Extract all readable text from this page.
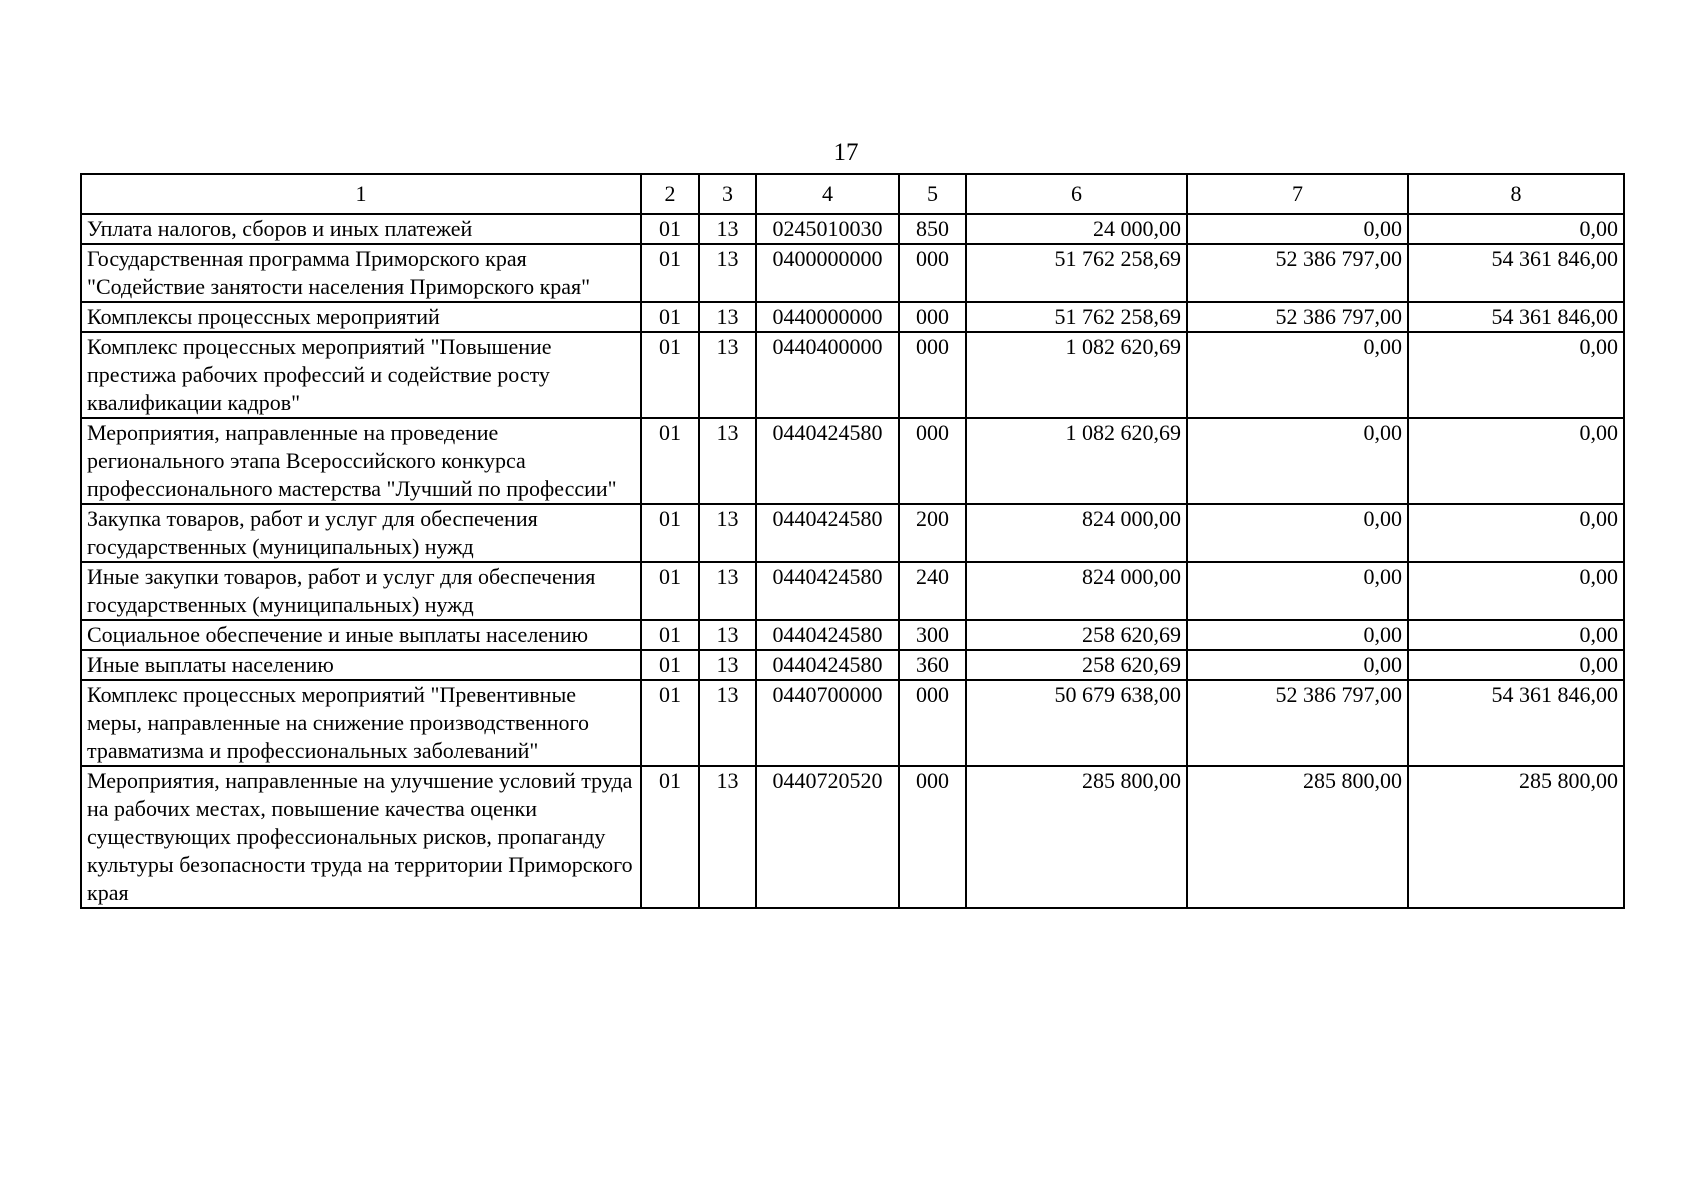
17
1	2	3	4	5	6	7	8
Уплата налогов, сборов и иных платежей	01	13	0245010030	850	24 000,00	0,00	0,00
Государственная программа Приморского края "Содействие занятости населения Приморского края"	01	13	0400000000	000	51 762 258,69	52 386 797,00	54 361 846,00
Комплексы процессных мероприятий	01	13	0440000000	000	51 762 258,69	52 386 797,00	54 361 846,00
Комплекс процессных мероприятий "Повышение престижа рабочих профессий и содействие росту квалификации кадров"	01	13	0440400000	000	1 082 620,69	0,00	0,00
Мероприятия, направленные на проведение регионального этапа Всероссийского конкурса профессионального мастерства "Лучший по профессии"	01	13	0440424580	000	1 082 620,69	0,00	0,00
Закупка товаров, работ и услуг для обеспечения государственных (муниципальных) нужд	01	13	0440424580	200	824 000,00	0,00	0,00
Иные закупки товаров, работ и услуг для обеспечения государственных (муниципальных) нужд	01	13	0440424580	240	824 000,00	0,00	0,00
Социальное обеспечение и иные выплаты населению	01	13	0440424580	300	258 620,69	0,00	0,00
Иные выплаты населению	01	13	0440424580	360	258 620,69	0,00	0,00
Комплекс процессных мероприятий "Превентивные меры, направленные на снижение производственного травматизма и профессиональных заболеваний"	01	13	0440700000	000	50 679 638,00	52 386 797,00	54 361 846,00
Мероприятия, направленные на улучшение условий труда на рабочих местах, повышение качества оценки существующих профессиональных рисков, пропаганду культуры безопасности труда на территории Приморского края	01	13	0440720520	000	285 800,00	285 800,00	285 800,00
